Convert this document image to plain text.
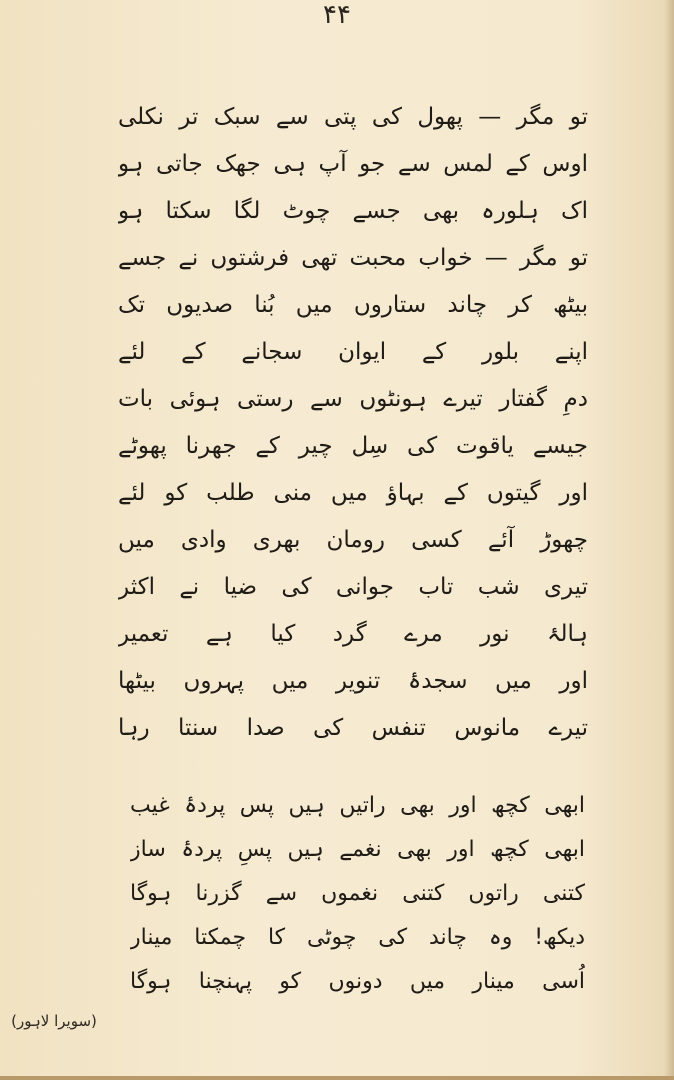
۴۴
تو مگر — پھول کی پتی سے سبک تر نکلی
اوس کے لمس سے جو آپ ہی جھک جاتی ہو
اک ہلورہ بھی جسے چوٹ لگا سکتا ہو
تو مگر — خواب محبت تھی فرشتوں نے جسے
بیٹھ کر چاند ستاروں میں بُنا صدیوں تک
اپنے بلور کے ایوان سجانے کے لئے
دمِ گفتار تیرے ہونٹوں سے رستی ہوئی بات
جیسے یاقوت کی سِل چیر کے جھرنا پھوٹے
اور گیتوں کے بہاؤ میں منی طلب کو لئے
چھوڑ آئے کسی رومان بھری وادی میں
تیری شب تاب جوانی کی ضیا نے اکثر
ہالۂ نور مرے گرد کیا ہے تعمیر
اور میں سجدۂ تنویر میں پہروں بیٹھا
تیرے مانوس تنفس کی صدا سنتا رہا
ابھی کچھ اور بھی راتیں ہیں پس پردۂ غیب
ابھی کچھ اور بھی نغمے ہیں پسِ پردۂ ساز
کتنی راتوں کتنی نغموں سے گزرنا ہوگا
دیکھ! وہ چاند کی چوٹی کا چمکتا مینار
اُسی مینار میں دونوں کو پہنچنا ہوگا
(سویرا لاہور)
